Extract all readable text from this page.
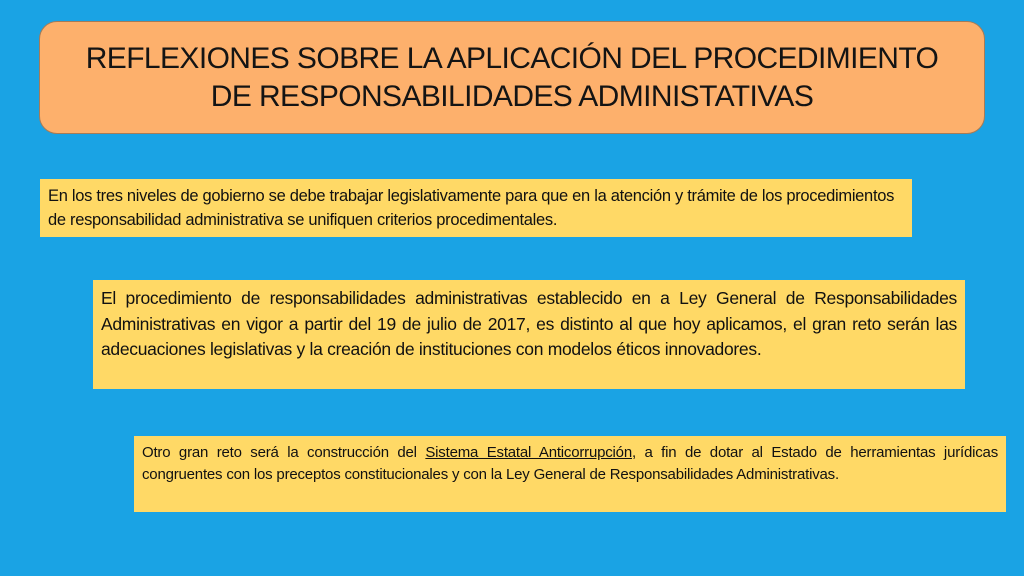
REFLEXIONES SOBRE LA APLICACIÓN DEL PROCEDIMIENTO
DE RESPONSABILIDADES ADMINISTATIVAS
En los tres niveles de gobierno se debe trabajar legislativamente para que en la atención y trámite de los procedimientos de responsabilidad administrativa se unifiquen criterios procedimentales.
El procedimiento de responsabilidades administrativas establecido en a Ley General de Responsabilidades Administrativas en vigor a partir del 19 de julio de 2017, es distinto al que hoy aplicamos, el gran reto serán las adecuaciones legislativas y la creación de instituciones con modelos éticos innovadores.
Otro gran reto será la construcción del Sistema Estatal Anticorrupción, a fin de dotar al Estado de herramientas jurídicas congruentes con los preceptos constitucionales y con la Ley General de Responsabilidades Administrativas.
